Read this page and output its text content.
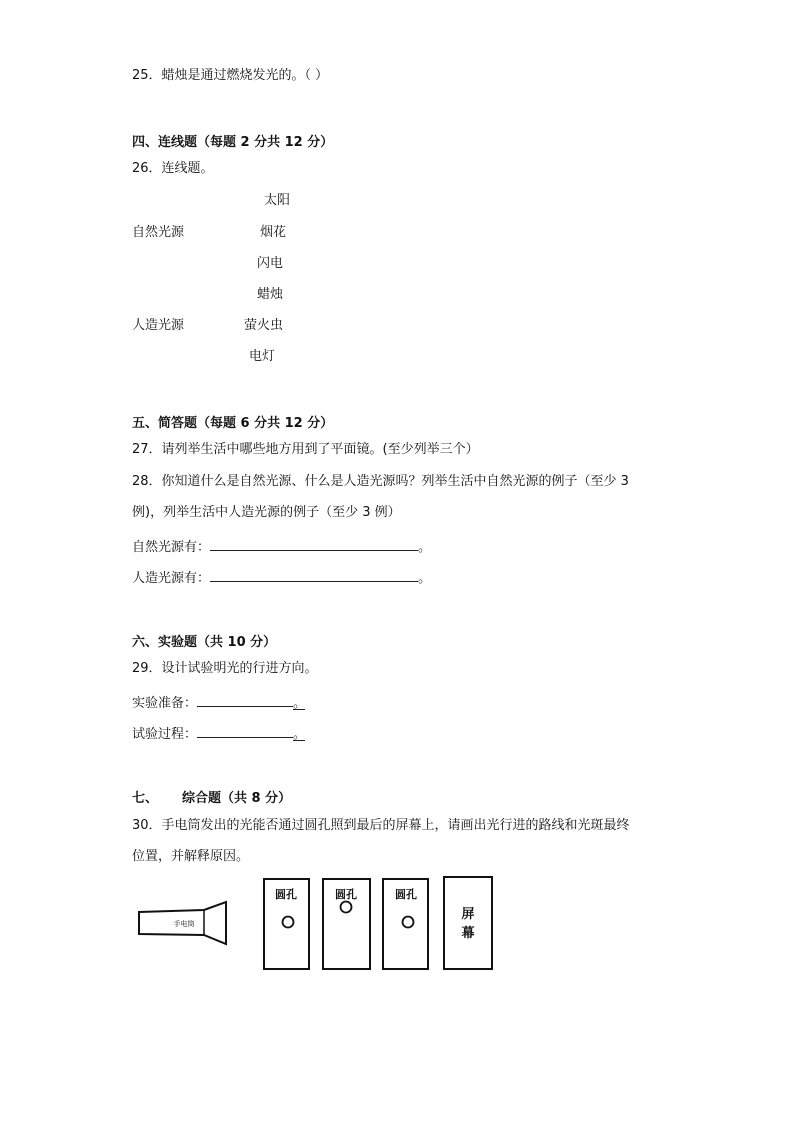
25．蜡烛是通过燃烧发光的。（ ）
四、连线题（每题 2 分共 12 分）
26．连线题。
太阳
自然光源	烟花
闪电
蜡烛
人造光源	萤火虫
电灯
五、简答题（每题 6 分共 12 分）
27．请列举生活中哪些地方用到了平面镜。(至少列举三个）
28．你知道什么是自然光源、什么是人造光源吗？列举生活中自然光源的例子（至少 3
例)，列举生活中人造光源的例子（至少 3 例）
自然光源有：	。
人造光源有：	。
六、实验题（共 10 分）
29．设计试验明光的行进方向。
实验准备：	。
试验过程：	。
七、 综合题（共 8 分）
30．手电筒发出的光能否通过圆孔照到最后的屏幕上，请画出光行进的路线和光斑最终
位置，并解释原因。
手电筒
圆孔	圆孔	圆孔
屏
幕
